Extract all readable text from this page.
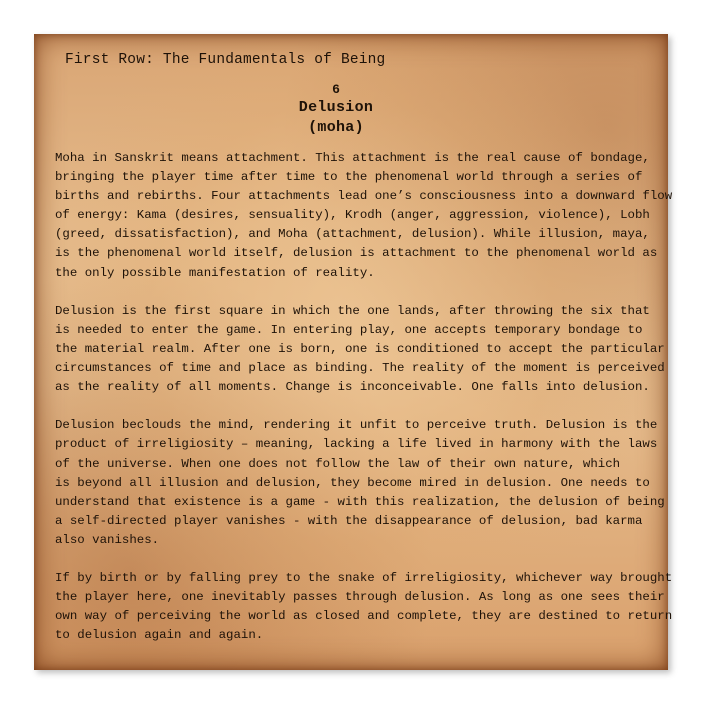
First Row: The Fundamentals of Being
6
Delusion
(moha)
Moha in Sanskrit means attachment. This attachment is the real cause of bondage,
bringing the player time after time to the phenomenal world through a series of
births and rebirths. Four attachments lead one’s consciousness into a downward flow
of energy: Kama (desires, sensuality), Krodh (anger, aggression, violence), Lobh
(greed, dissatisfaction), and Moha (attachment, delusion). While illusion, maya,
is the phenomenal world itself, delusion is attachment to the phenomenal world as
the only possible manifestation of reality.
Delusion is the first square in which the one lands, after throwing the six that
is needed to enter the game. In entering play, one accepts temporary bondage to
the material realm. After one is born, one is conditioned to accept the particular
circumstances of time and place as binding. The reality of the moment is perceived
as the reality of all moments. Change is inconceivable. One falls into delusion.
Delusion beclouds the mind, rendering it unfit to perceive truth. Delusion is the
product of irreligiosity – meaning, lacking a life lived in harmony with the laws
of the universe. When one does not follow the law of their own nature, which
is beyond all illusion and delusion, they become mired in delusion. One needs to
understand that existence is a game - with this realization, the delusion of being
a self-directed player vanishes - with the disappearance of delusion, bad karma
also vanishes.
If by birth or by falling prey to the snake of irreligiosity, whichever way brought
the player here, one inevitably passes through delusion. As long as one sees their
own way of perceiving the world as closed and complete, they are destined to return
to delusion again and again.
